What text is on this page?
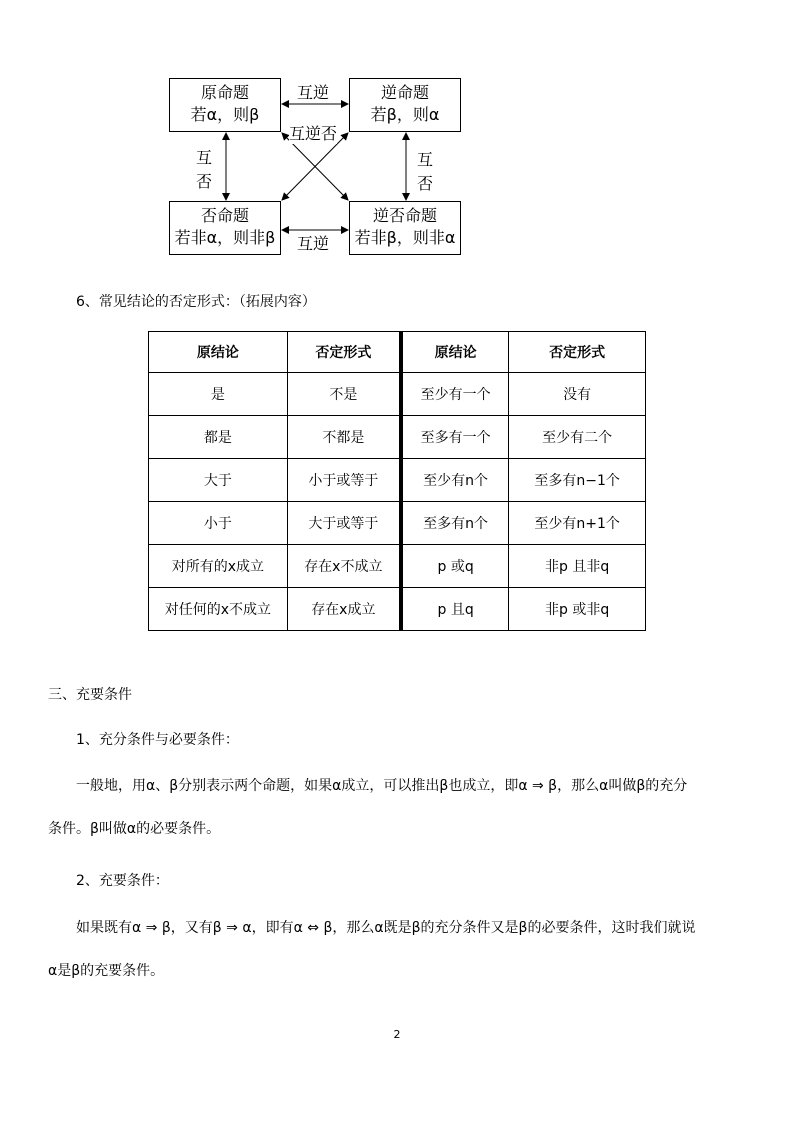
原命题
若α，则β
逆命题
若β，则α
否命题
若非α，则非β
逆否命题
若非β，则非α
互逆
互逆
互逆否
互
否
互
否
6、常见结论的否定形式：（拓展内容）
原结论	否定形式	原结论	否定形式
是	不是	至少有一个	没有
都是	不都是	至多有一个	至少有二个
大于	小于或等于	至少有n个	至多有n−1个
小于	大于或等于	至多有n个	至少有n+1个
对所有的x成立	存在x不成立	p 或q	非p 且非q
对任何的x不成立	存在x成立	p 且q	非p 或非q
三、充要条件
1、充分条件与必要条件：
一般地，用α、β分别表示两个命题，如果α成立，可以推出β也成立，即α ⇒ β，那么α叫做β的充分
条件。β叫做α的必要条件。
2、充要条件：
如果既有α ⇒ β，又有β ⇒ α，即有α ⇔ β，那么α既是β的充分条件又是β的必要条件，这时我们就说
α是β的充要条件。
2
